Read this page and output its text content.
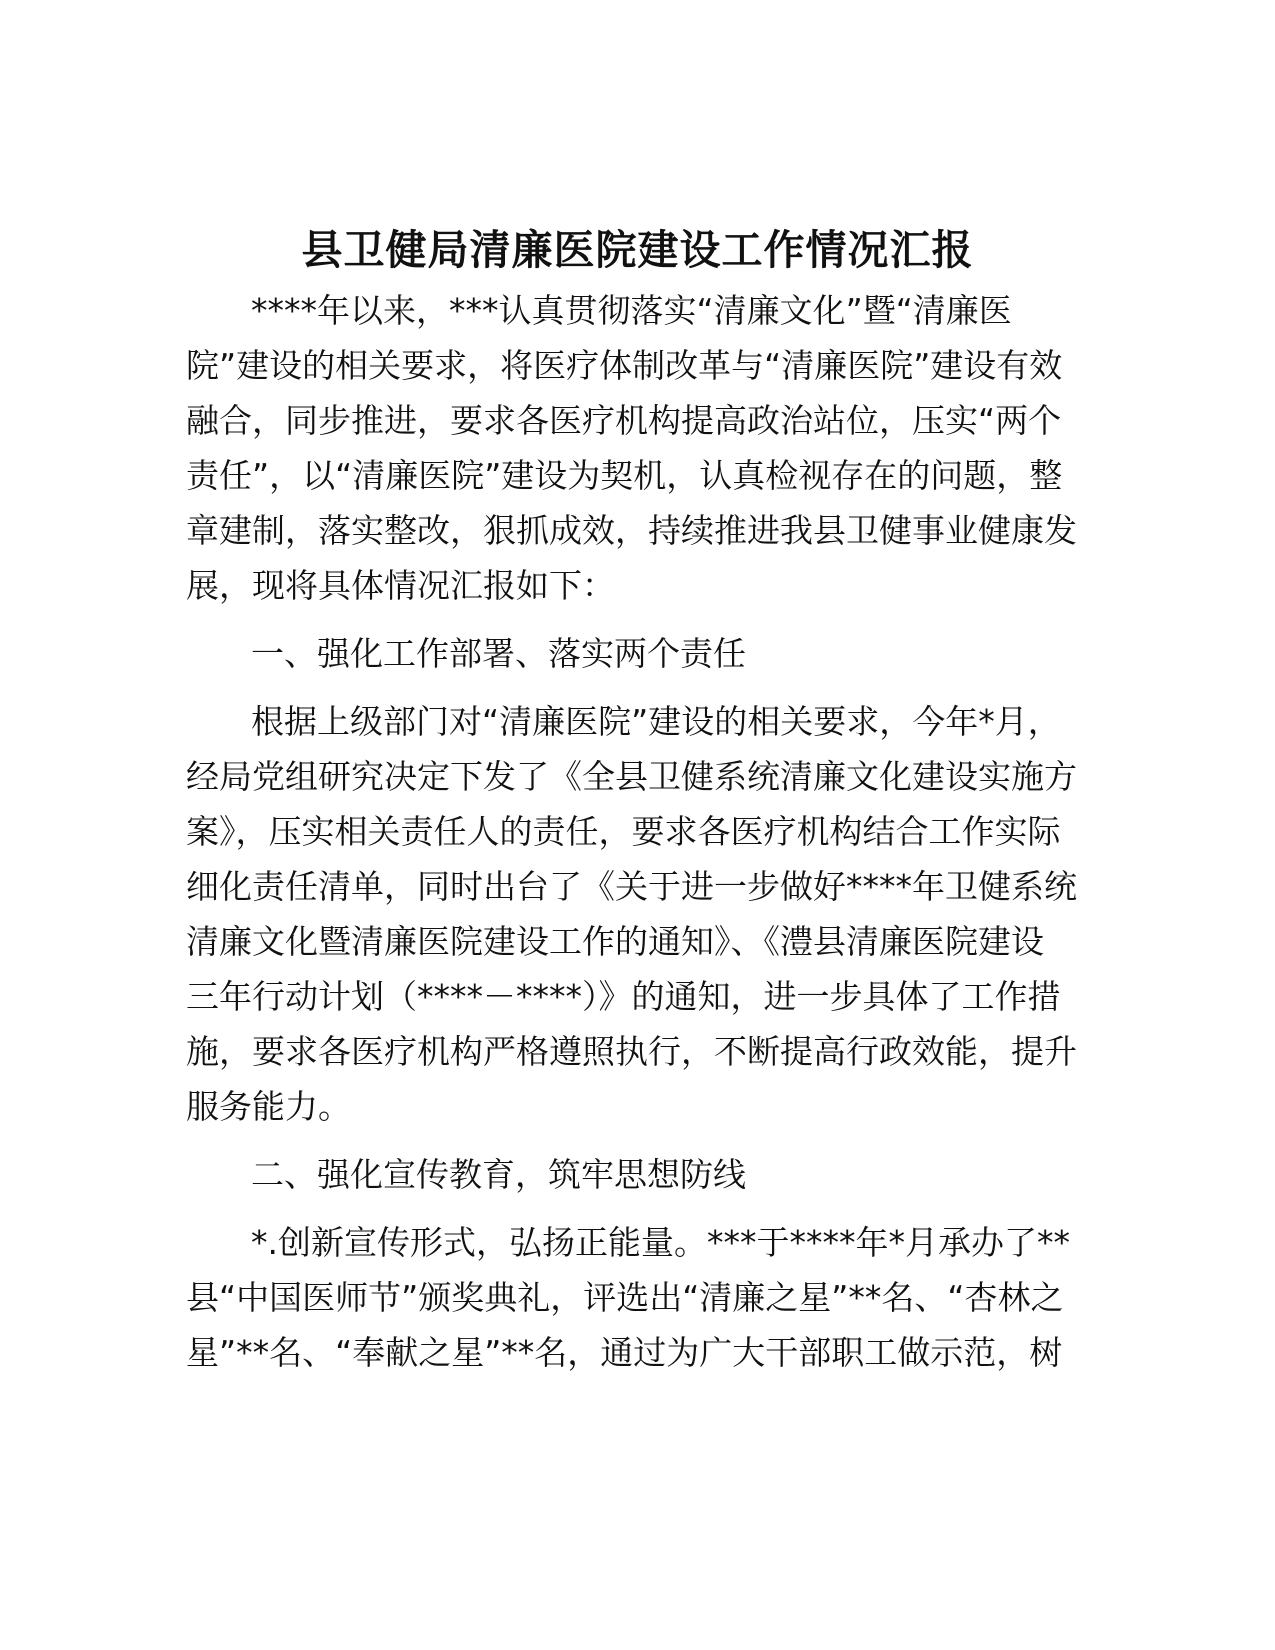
县卫健局清廉医院建设工作情况汇报
****年以来，***认真贯彻落实“清廉文化”暨“清廉医
院”建设的相关要求，将医疗体制改革与“清廉医院”建设有效
融合，同步推进，要求各医疗机构提高政治站位，压实“两个
责任”，以“清廉医院”建设为契机，认真检视存在的问题，整
章建制，落实整改，狠抓成效，持续推进我县卫健事业健康发
展，现将具体情况汇报如下：
一、强化工作部署、落实两个责任
根据上级部门对“清廉医院”建设的相关要求，今年*月，
经局党组研究决定下发了《全县卫健系统清廉文化建设实施方
案》，压实相关责任人的责任，要求各医疗机构结合工作实际
细化责任清单，同时出台了《关于进一步做好****年卫健系统
清廉文化暨清廉医院建设工作的通知》、《澧县清廉医院建设
三年行动计划（****－****）》的通知，进一步具体了工作措
施，要求各医疗机构严格遵照执行，不断提高行政效能，提升
服务能力。
二、强化宣传教育，筑牢思想防线
*.创新宣传形式，弘扬正能量。***于****年*月承办了**
县“中国医师节”颁奖典礼，评选出“清廉之星”**名、“杏林之
星”**名、“奉献之星”**名，通过为广大干部职工做示范，树
